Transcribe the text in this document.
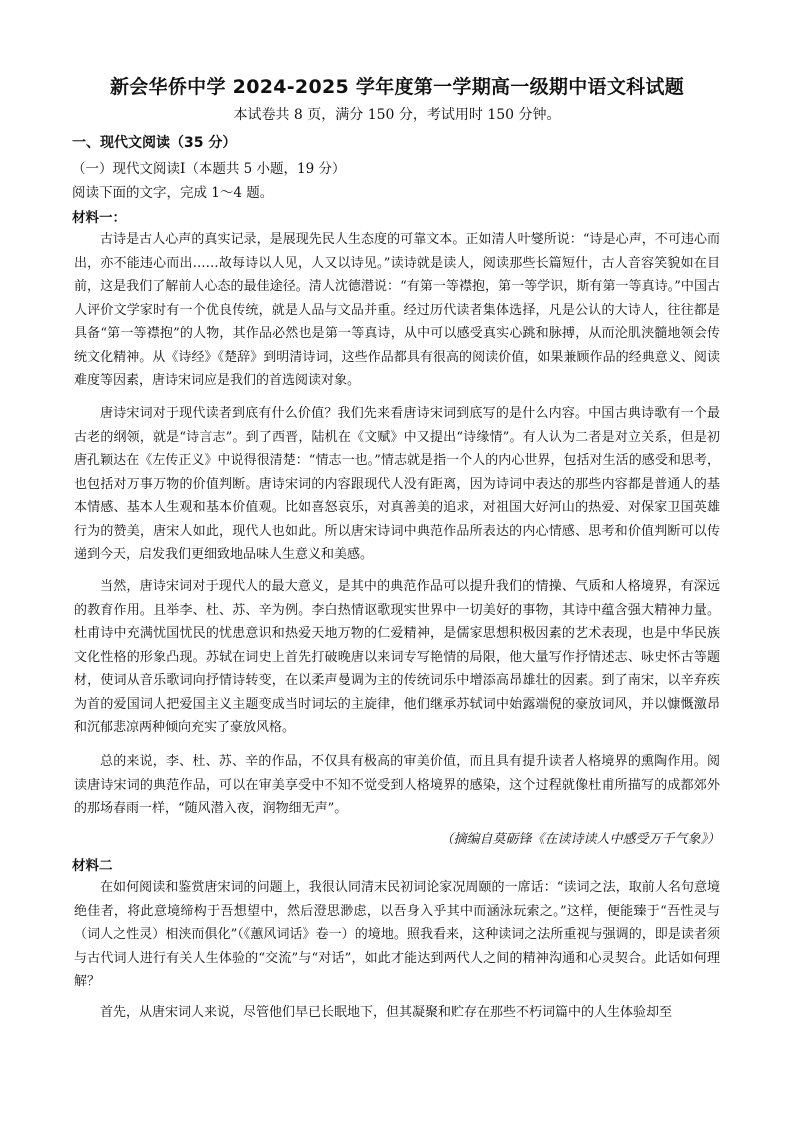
新会华侨中学 2024-2025 学年度第一学期高一级期中语文科试题
本试卷共 8 页，满分 150 分，考试用时 150 分钟。
一、现代文阅读（35 分）
（一）现代文阅读Ⅰ（本题共 5 小题，19 分）
阅读下面的文字，完成 1～4 题。
材料一：

古诗是古人心声的真实记录，是展现先民人生态度的可靠文本。正如清人叶燮所说：“诗是心声，不可违心而出，亦不能违心而出……故每诗以人见，人又以诗见。”读诗就是读人，阅读那些长篇短什，古人音容笑貌如在目前，这是我们了解前人心态的最佳途径。清人沈德潜说：“有第一等襟抱，第一等学识，斯有第一等真诗。”中国古人评价文学家时有一个优良传统，就是人品与文品并重。经过历代读者集体选择，凡是公认的大诗人，往往都是具备“第一等襟抱”的人物，其作品必然也是第一等真诗，从中可以感受真实心跳和脉搏，从而沦肌浃髓地领会传统文化精神。从《诗经》《楚辞》到明清诗词，这些作品都具有很高的阅读价值，如果兼顾作品的经典意义、阅读难度等因素，唐诗宋词应是我们的首选阅读对象。

唐诗宋词对于现代读者到底有什么价值？我们先来看唐诗宋词到底写的是什么内容。中国古典诗歌有一个最古老的纲领，就是“诗言志”。到了西晋，陆机在《文赋》中又提出“诗缘情”。有人认为二者是对立关系，但是初唐孔颖达在《左传正义》中说得很清楚：“情志一也。”情志就是指一个人的内心世界，包括对生活的感受和思考，也包括对万事万物的价值判断。唐诗宋词的内容跟现代人没有距离，因为诗词中表达的那些内容都是普通人的基本情感、基本人生观和基本价值观。比如喜怒哀乐，对真善美的追求，对祖国大好河山的热爱、对保家卫国英雄行为的赞美，唐宋人如此，现代人也如此。所以唐宋诗词中典范作品所表达的内心情感、思考和价值判断可以传递到今天，启发我们更细致地品味人生意义和美感。

当然，唐诗宋词对于现代人的最大意义，是其中的典范作品可以提升我们的情操、气质和人格境界，有深远的教育作用。且举李、杜、苏、辛为例。李白热情讴歌现实世界中一切美好的事物，其诗中蕴含强大精神力量。杜甫诗中充满忧国忧民的忧患意识和热爱天地万物的仁爱精神，是儒家思想积极因素的艺术表现，也是中华民族文化性格的形象凸现。苏轼在词史上首先打破晚唐以来词专写艳情的局限，他大量写作抒情述志、咏史怀古等题材，使词从音乐歌词向抒情诗转变，在以柔声曼调为主的传统词乐中增添高昂雄壮的因素。到了南宋，以辛弃疾为首的爱国词人把爱国主义主题变成当时词坛的主旋律，他们继承苏轼词中始露端倪的豪放词风，并以慷慨激昂和沉郁悲凉两种倾向充实了豪放风格。

总的来说，李、杜、苏、辛的作品，不仅具有极高的审美价值，而且具有提升读者人格境界的熏陶作用。阅读唐诗宋词的典范作品，可以在审美享受中不知不觉受到人格境界的感染，这个过程就像杜甫所描写的成都郊外的那场春雨一样，“随风潜入夜，润物细无声”。

（摘编自莫砺锋《在读诗读人中感受万千气象》）
材料二

在如何阅读和鉴赏唐宋词的问题上，我很认同清末民初词论家况周颐的一席话：“读词之法，取前人名句意境绝佳者，将此意境缔构于吾想望中，然后澄思渺虑，以吾身入乎其中而涵泳玩索之。”这样，便能臻于“吾性灵与（词人之性灵）相浃而俱化”（《蕙风词话》卷一）的境地。照我看来，这种读词之法所重视与强调的，即是读者须与古代词人进行有关人生体验的“交流”与“对话”，如此才能达到两代人之间的精神沟通和心灵契合。此话如何理解？

首先，从唐宋词人来说，尽管他们早已长眠地下，但其凝聚和贮存在那些不朽词篇中的人生体验却至
